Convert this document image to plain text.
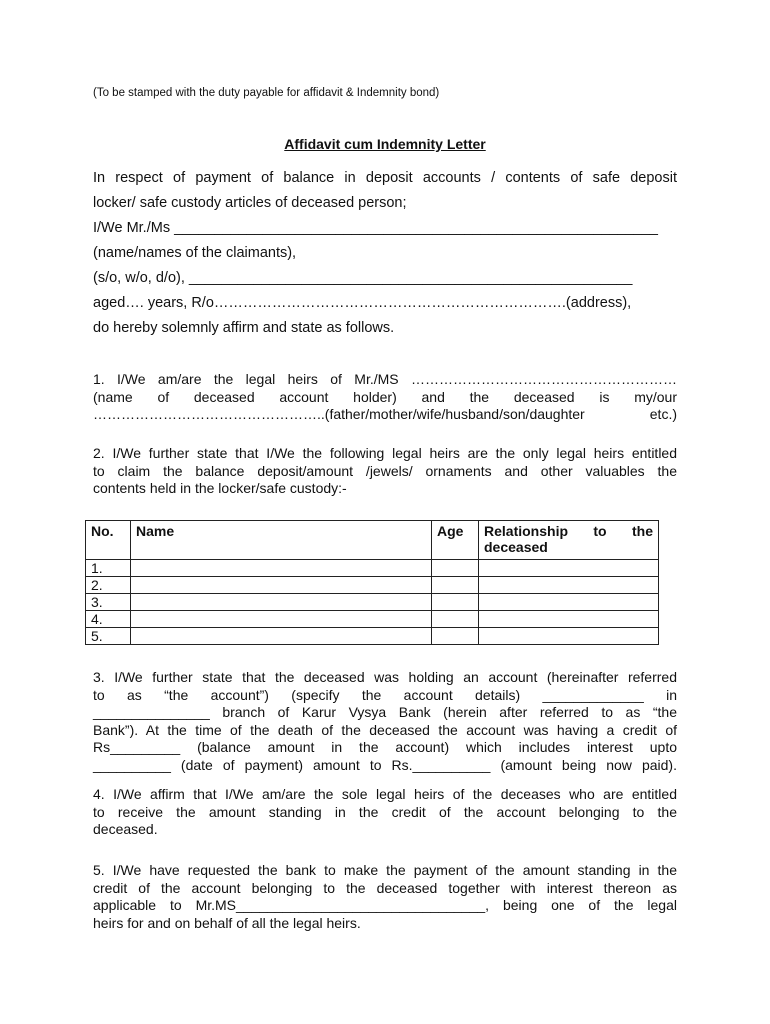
(To be stamped with the duty payable for affidavit & Indemnity bond)
Affidavit cum Indemnity Letter
In respect of payment of balance in deposit accounts / contents of safe deposit
locker/ safe custody articles of deceased person;
I/We Mr./Ms ____________________________________________________________
(name/names of the claimants),
(s/o, w/o, d/o), _______________________________________________________
aged…. years, R/o……………………………………………………………….(address),
do hereby solemnly affirm and state as follows.
1. I/We am/are the legal heirs of Mr./MS …………………………………………………
(name of deceased account holder) and the deceased is my/our
…………………………………………..(father/mother/wife/husband/son/daughter etc.)
2. I/We further state that I/We the following legal heirs are the only legal heirs entitled
to claim the balance deposit/amount /jewels/ ornaments and other valuables the
contents held in the locker/safe custody:-
No.	Name	Age	Relationship to the
deceased
1.			
2.			
3.			
4.			
5.			
3. I/We further state that the deceased was holding an account (hereinafter referred
to as “the account”) (specify the account details) _____________ in
_______________ branch of Karur Vysya Bank (herein after referred to as “the
Bank”). At the time of the death of the deceased the account was having a credit of
Rs_________ (balance amount in the account) which includes interest upto
__________ (date of payment) amount to Rs.__________ (amount being now paid).
4. I/We affirm that I/We am/are the sole legal heirs of the deceases who are entitled
to receive the amount standing in the credit of the account belonging to the
deceased.
5. I/We have requested the bank to make the payment of the amount standing in the
credit of the account belonging to the deceased together with interest thereon as
applicable to Mr.MS________________________________, being one of the legal
heirs for and on behalf of all the legal heirs.
